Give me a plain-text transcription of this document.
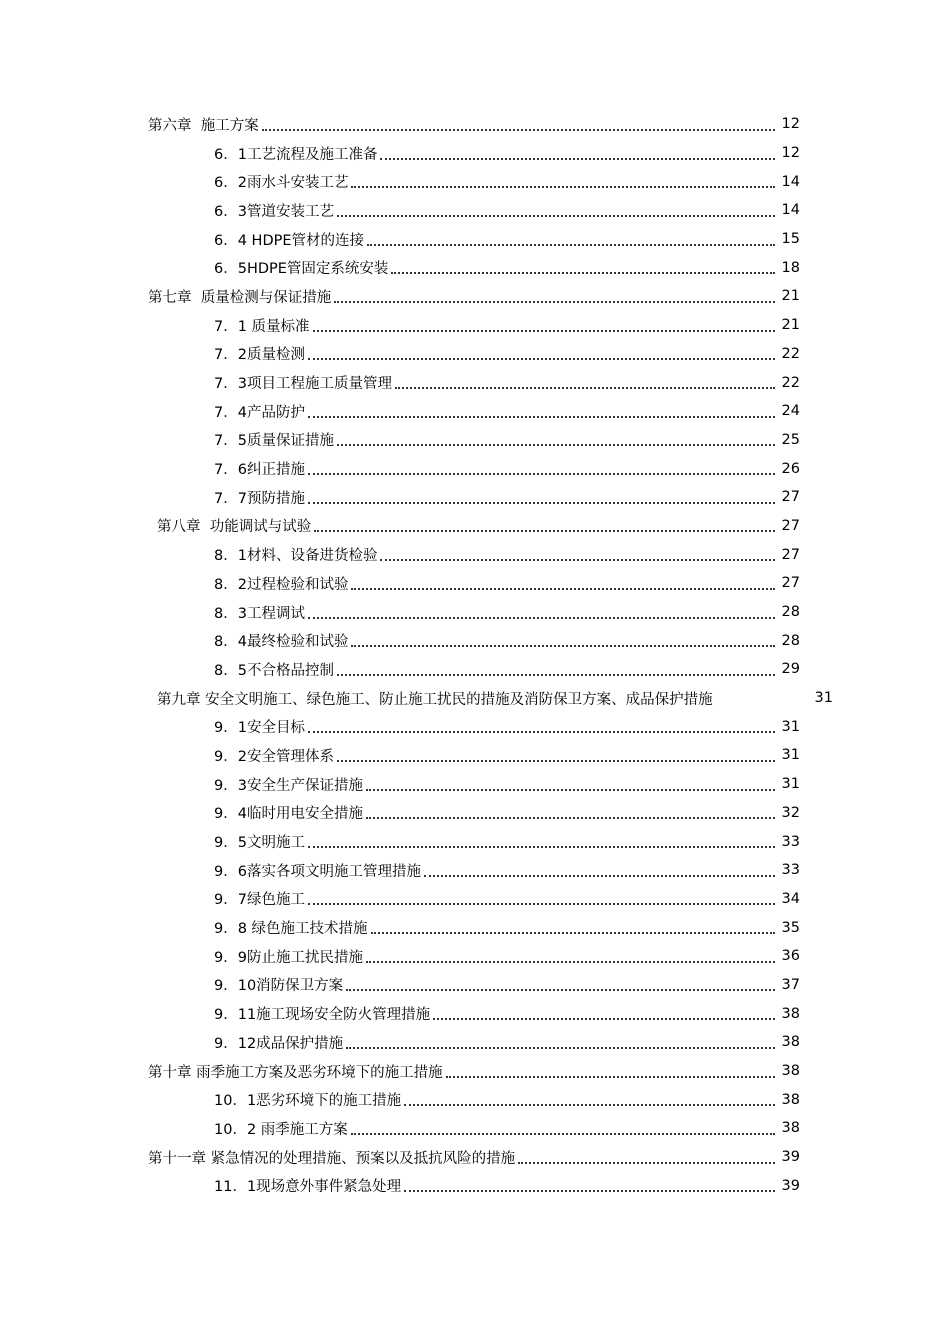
第六章  施工方案	12
6．1工艺流程及施工准备	12
6．2雨水斗安装工艺	14
6．3管道安装工艺	14
6．4 HDPE管材的连接	15
6．5HDPE管固定系统安装	18
第七章  质量检测与保证措施	21
7．1 质量标准	21
7．2质量检测	22
7．3项目工程施工质量管理	22
7．4产品防护	24
7．5质量保证措施	25
7．6纠正措施	26
7．7预防措施	27
第八章  功能调试与试验	27
8．1材料、设备进货检验	27
8．2过程检验和试验	27
8．3工程调试	28
8．4最终检验和试验	28
8．5不合格品控制	29
第九章 安全文明施工、绿色施工、防止施工扰民的措施及消防保卫方案、成品保护措施	31
9．1安全目标	31
9．2安全管理体系	31
9．3安全生产保证措施	31
9．4临时用电安全措施	32
9．5文明施工	33
9．6落实各项文明施工管理措施	33
9．7绿色施工	34
9．8 绿色施工技术措施	35
9．9防止施工扰民措施	36
9．10消防保卫方案	37
9．11施工现场安全防火管理措施	38
9．12成品保护措施	38
第十章 雨季施工方案及恶劣环境下的施工措施	38
10．1恶劣环境下的施工措施	38
10．2 雨季施工方案	38
第十一章 紧急情况的处理措施、预案以及抵抗风险的措施	39
11．1现场意外事件紧急处理	39
